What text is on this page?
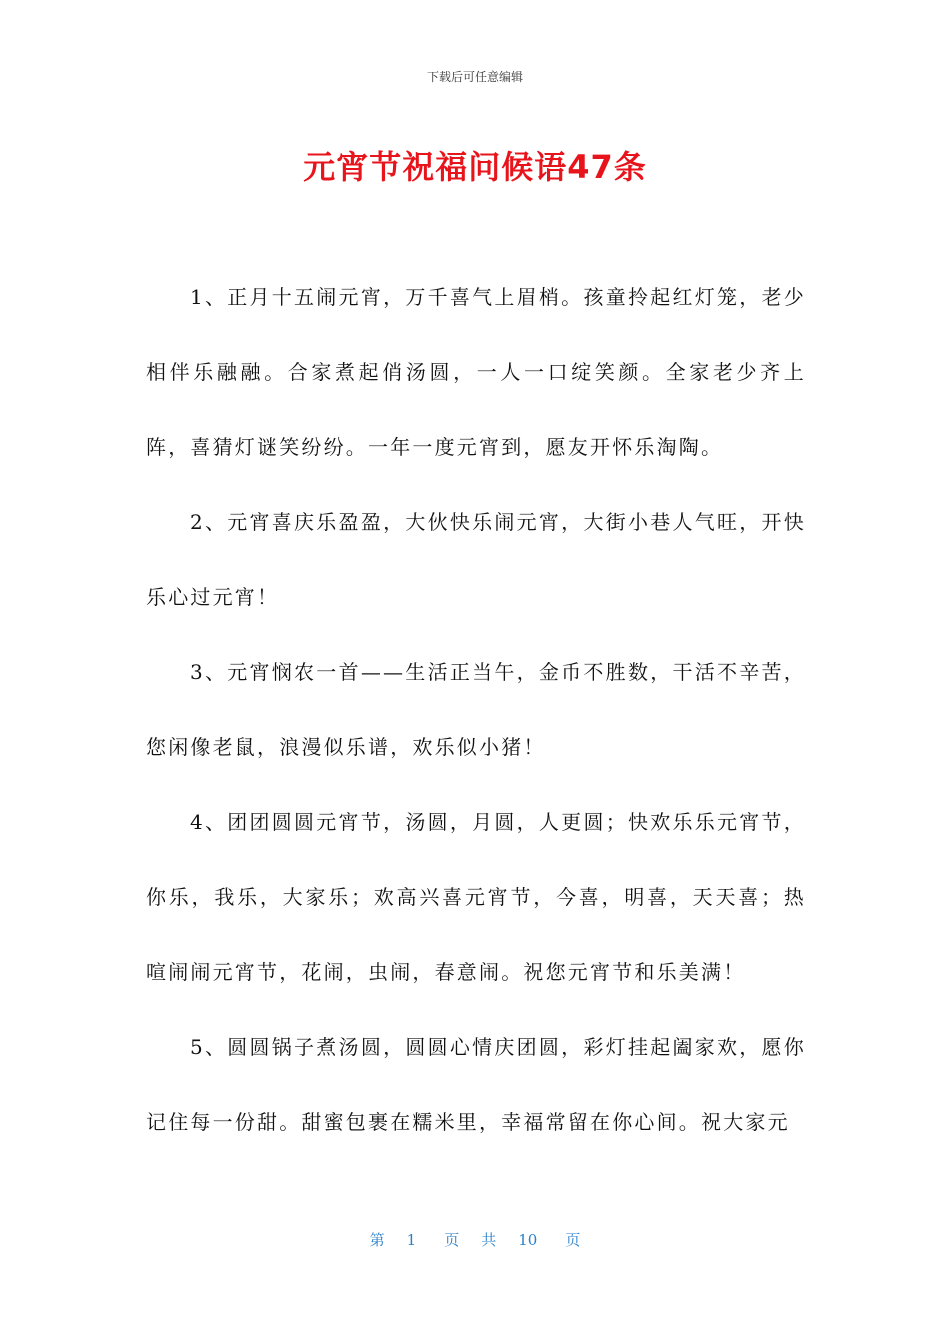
下载后可任意编辑
元宵节祝福问候语47条

1、正月十五闹元宵，万千喜气上眉梢。孩童拎起红灯笼，老少相伴乐融融。合家煮起俏汤圆，一人一口绽笑颜。全家老少齐上阵，喜猜灯谜笑纷纷。一年一度元宵到，愿友开怀乐淘陶。

2、元宵喜庆乐盈盈，大伙快乐闹元宵，大街小巷人气旺，开快乐心过元宵！

3、元宵悯农一首——生活正当午，金币不胜数，干活不辛苦，您闲像老鼠，浪漫似乐谱，欢乐似小猪！

4、团团圆圆元宵节，汤圆，月圆，人更圆；快欢乐乐元宵节，你乐，我乐，大家乐；欢高兴喜元宵节，今喜，明喜，天天喜；热喧闹闹元宵节，花闹，虫闹，春意闹。祝您元宵节和乐美满！

5、圆圆锅子煮汤圆，圆圆心情庆团圆，彩灯挂起阖家欢，愿你记住每一份甜。甜蜜包裹在糯米里，幸福常留在你心间。祝大家元

第 1 页 共 10 页
